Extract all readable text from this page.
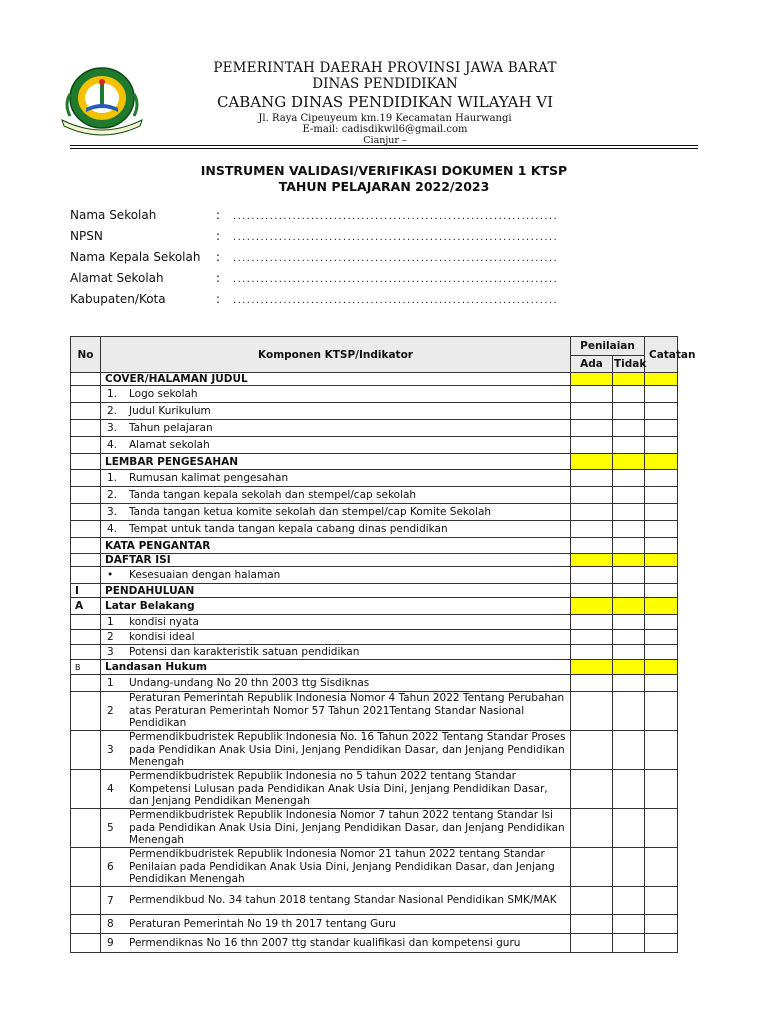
PEMERINTAH DAERAH PROVINSI JAWA BARAT
DINAS PENDIDIKAN
CABANG DINAS PENDIDIKAN WILAYAH VI
Jl. Raya Cipeuyeum km.19 Kecamatan Haurwangi
E-mail: cadisdikwil6@gmail.com
Cianjur –
INSTRUMEN VALIDASI/VERIFIKASI DOKUMEN 1 KTSP
TAHUN PELAJARAN 2022/2023
Nama Sekolah	: .......................................................................
NPSN	: .......................................................................
Nama Kepala Sekolah : .......................................................................
Alamat Sekolah	: .......................................................................
Kabupaten/Kota	: .......................................................................
No	Komponen KTSP/Indikator	Penilaian		Catatan
		Ada	Tidak	
	COVER/HALAMAN JUDUL			

	1. Logo sekolah			

	2. Judul Kurikulum			

	3. Tahun pelajaran			

	4. Alamat sekolah			

	LEMBAR PENGESAHAN			

	1. Rumusan kalimat pengesahan			

	2. Tanda tangan kepala sekolah dan stempel/cap sekolah			

	3. Tanda tangan ketua komite sekolah dan stempel/cap Komite Sekolah			

	4. Tempat untuk tanda tangan kepala cabang dinas pendidikan			

	KATA PENGANTAR			
	DAFTAR ISI			

	• Kesesuaian dengan halaman			

I	PENDAHULUAN			
A	Latar Belakang			

	1 kondisi nyata			

	2 kondisi ideal			

	3 Potensi dan karakteristik satuan pendidikan			

B	Landasan Hukum			

	1 Undang-undang No 20 thn 2003 ttg Sisdiknas			

	2
Peraturan Pemerintah Republik Indonesia Nomor 4 Tahun 2022 Tentang Perubahan atas Peraturan Pemerintah Nomor 57 Tahun 2021Tentang Standar Nasional Pendidikan			

	3
Permendikbudristek Republik Indonesia No. 16 Tahun 2022 Tentang Standar Proses pada Pendidikan Anak Usia Dini, Jenjang Pendidikan Dasar, dan Jenjang Pendidikan Menengah			

	4
Permendikbudristek Republik Indonesia no 5 tahun 2022 tentang Standar Kompetensi Lulusan pada Pendidikan Anak Usia Dini, Jenjang Pendidikan Dasar, dan Jenjang Pendidikan Menengah			

	5
Permendikbudristek Republik Indonesia Nomor 7 tahun 2022 tentang Standar Isi pada Pendidikan Anak Usia Dini, Jenjang Pendidikan Dasar, dan Jenjang Pendidikan Menengah			

	6
Permendikbudristek Republik Indonesia Nomor 21 tahun 2022 tentang Standar Penilaian pada Pendidikan Anak Usia Dini, Jenjang Pendidikan Dasar, dan Jenjang Pendidikan Menengah			

	7 Permendikbud No. 34 tahun 2018 tentang Standar Nasional Pendidikan SMK/MAK			

	8 Peraturan Pemerintah No 19 th 2017 tentang Guru			

	9 Permendiknas No 16 thn 2007 ttg standar kualifikasi dan kompetensi guru			
